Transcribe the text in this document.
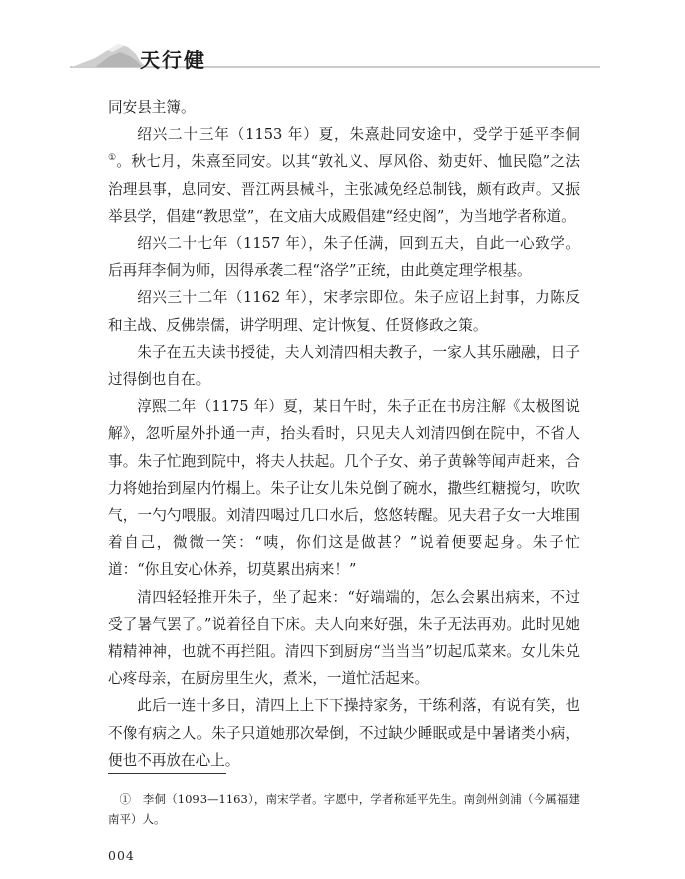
天行健

同安县主簿。

绍兴二十三年（1153 年）夏，朱熹赴同安途中，受学于延平李侗①。秋七月，朱熹至同安。以其“敦礼义、厚风俗、劾吏奸、恤民隐”之法治理县事，息同安、晋江两县械斗，主张减免经总制钱，颇有政声。又振举县学，倡建“教思堂”，在文庙大成殿倡建“经史阁”，为当地学者称道。

绍兴二十七年（1157 年），朱子任满，回到五夫，自此一心致学。后再拜李侗为师，因得承袭二程“洛学”正统，由此奠定理学根基。

绍兴三十二年（1162 年），宋孝宗即位。朱子应诏上封事，力陈反和主战、反佛崇儒，讲学明理、定计恢复、任贤修政之策。

朱子在五夫读书授徒，夫人刘清四相夫教子，一家人其乐融融，日子过得倒也自在。

淳熙二年（1175 年）夏，某日午时，朱子正在书房注解《太极图说解》，忽听屋外扑通一声，抬头看时，只见夫人刘清四倒在院中，不省人事。朱子忙跑到院中，将夫人扶起。几个子女、弟子黄榦等闻声赶来，合力将她抬到屋内竹榻上。朱子让女儿朱兑倒了碗水，撒些红糖搅匀，吹吹气，一勺勺喂服。刘清四喝过几口水后，悠悠转醒。见夫君子女一大堆围着自己，微微一笑：“咦，你们这是做甚？”说着便要起身。朱子忙道：“你且安心休养，切莫累出病来！”

清四轻轻推开朱子，坐了起来：“好端端的，怎么会累出病来，不过受了暑气罢了。”说着径自下床。夫人向来好强，朱子无法再劝。此时见她精精神神，也就不再拦阻。清四下到厨房“当当当”切起瓜菜来。女儿朱兑心疼母亲，在厨房里生火，煮米，一道忙活起来。

此后一连十多日，清四上上下下操持家务，干练利落，有说有笑，也不像有病之人。朱子只道她那次晕倒，不过缺少睡眠或是中暑诸类小病，便也不再放在心上。

①　李侗（1093—1163），南宋学者。字愿中，学者称延平先生。南剑州剑浦（今属福建南平）人。
004
